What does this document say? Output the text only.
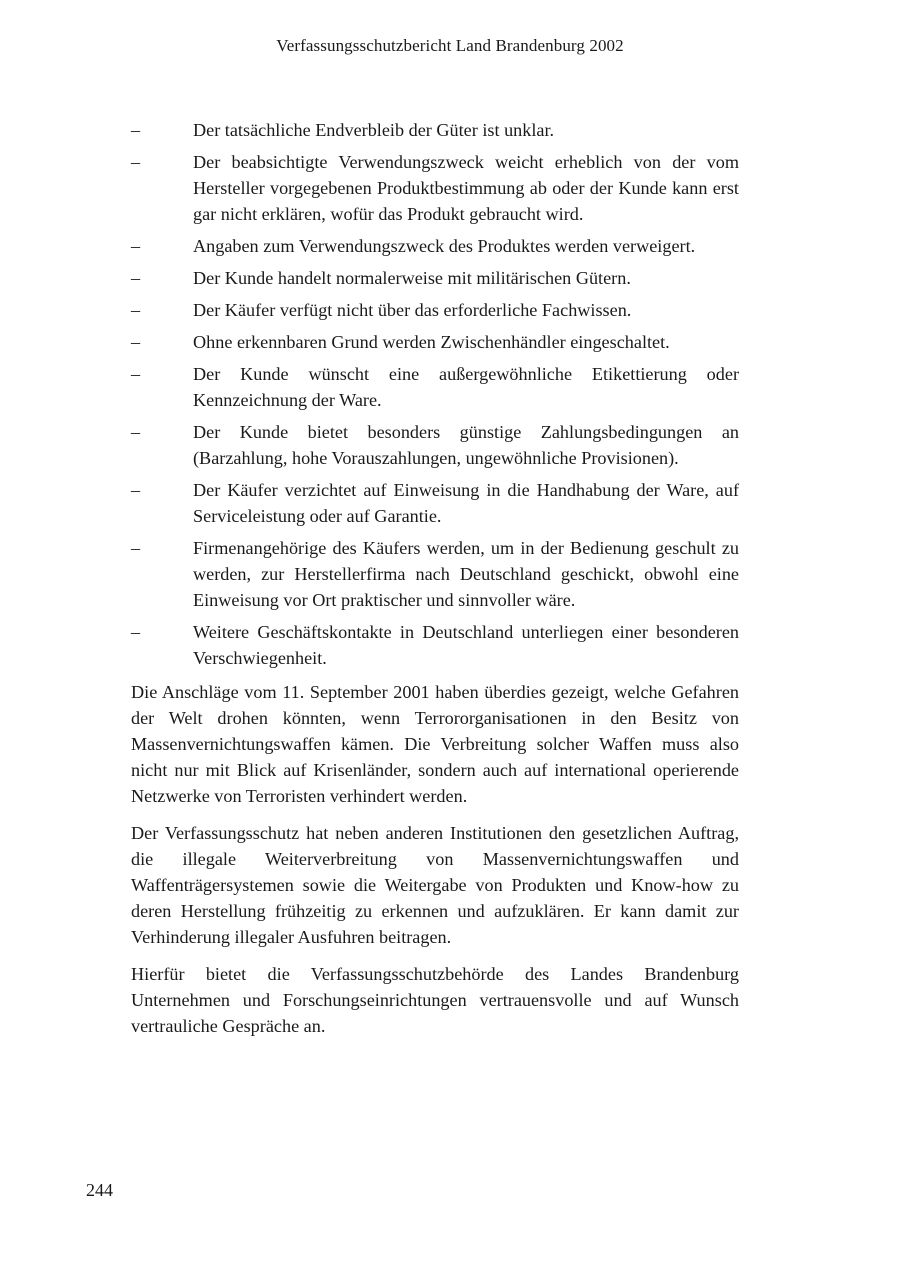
Verfassungsschutzbericht Land Brandenburg 2002
–	Der tatsächliche Endverbleib der Güter ist unklar.
–	Der beabsichtigte Verwendungszweck weicht erheblich von der vom Hersteller vorgegebenen Produktbestimmung ab oder der Kunde kann erst gar nicht erklären, wofür das Produkt gebraucht wird.
–	Angaben zum Verwendungszweck des Produktes werden verweigert.
–	Der Kunde handelt normalerweise mit militärischen Gütern.
–	Der Käufer verfügt nicht über das erforderliche Fachwissen.
–	Ohne erkennbaren Grund werden Zwischenhändler eingeschaltet.
–	Der Kunde wünscht eine außergewöhnliche Etikettierung oder Kennzeichnung der Ware.
–	Der Kunde bietet besonders günstige Zahlungsbedingungen an (Barzahlung, hohe Vorauszahlungen, ungewöhnliche Provisionen).
–	Der Käufer verzichtet auf Einweisung in die Handhabung der Ware, auf Serviceleistung oder auf Garantie.
–	Firmenangehörige des Käufers werden, um in der Bedienung geschult zu werden, zur Herstellerfirma nach Deutschland geschickt, obwohl eine Einweisung vor Ort praktischer und sinnvoller wäre.
–	Weitere Geschäftskontakte in Deutschland unterliegen einer besonderen Verschwiegenheit.

Die Anschläge vom 11. September 2001 haben überdies gezeigt, welche Gefahren der Welt drohen könnten, wenn Terrororganisationen in den Besitz von Massenvernichtungswaffen kämen. Die Verbreitung solcher Waffen muss also nicht nur mit Blick auf Krisenländer, sondern auch auf international operierende Netzwerke von Terroristen verhindert werden.

Der Verfassungsschutz hat neben anderen Institutionen den gesetzlichen Auftrag, die illegale Weiterverbreitung von Massenvernichtungswaffen und Waffenträgersystemen sowie die Weitergabe von Produkten und Know-how zu deren Herstellung frühzeitig zu erkennen und aufzuklären. Er kann damit zur Verhinderung illegaler Ausfuhren beitragen.

Hierfür bietet die Verfassungsschutzbehörde des Landes Brandenburg Unternehmen und Forschungseinrichtungen vertrauensvolle und auf Wunsch vertrauliche Gespräche an.

244
